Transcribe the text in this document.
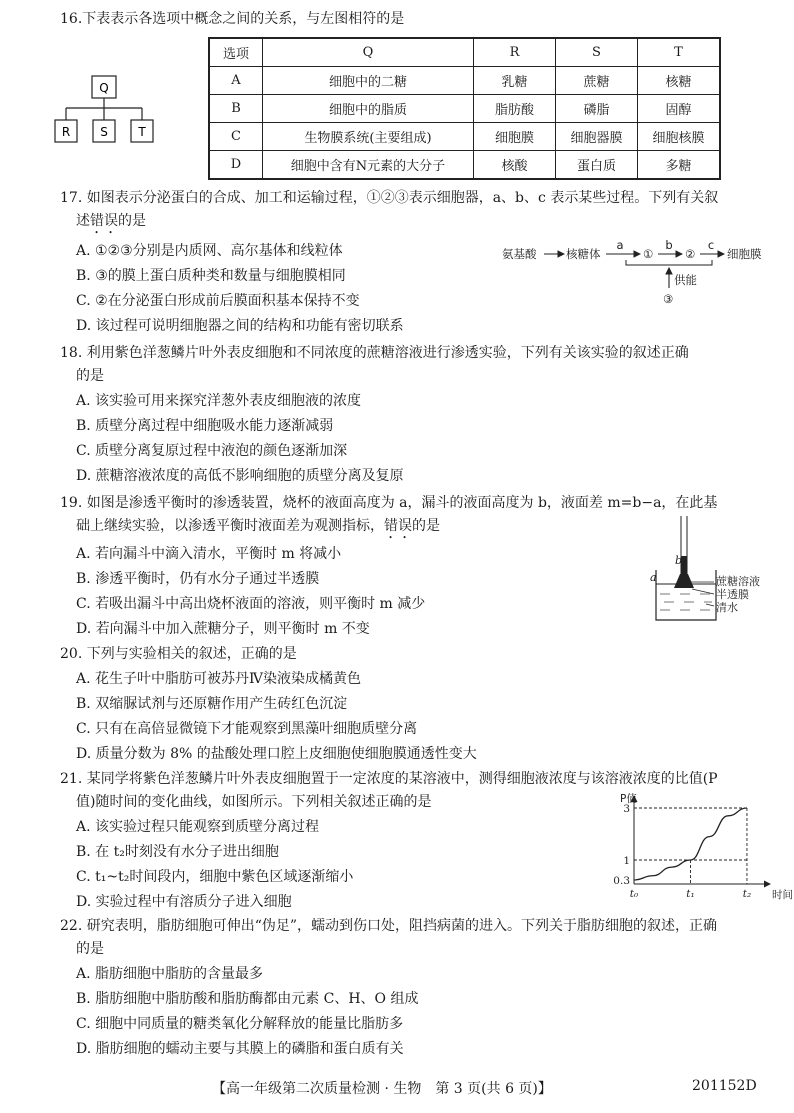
16.下表表示各选项中概念之间的关系，与左图相符的是
Q
R	S	T
选项	Q	R	S	T
A	细胞中的二糖	乳糖	蔗糖	核糖
B	细胞中的脂质	脂肪酸	磷脂	固醇
C	生物膜系统(主要组成)	细胞膜	细胞器膜	细胞核膜
D	细胞中含有N元素的大分子	核酸	蛋白质	多糖
17. 如图表示分泌蛋白的合成、加工和运输过程，①②③表示细胞器，a、b、c 表示某些过程。下列有关叙
述错误的是
A. ①②③分别是内质网、高尔基体和线粒体
B. ③的膜上蛋白质种类和数量与细胞膜相同
C. ②在分泌蛋白形成前后膜面积基本保持不变
D. 该过程可说明细胞器之间的结构和功能有密切联系
氨基酸	核糖体
a
①
b
②
c
细胞膜
供能
③
18. 利用紫色洋葱鳞片叶外表皮细胞和不同浓度的蔗糖溶液进行渗透实验，下列有关该实验的叙述正确
的是
A. 该实验可用来探究洋葱外表皮细胞液的浓度
B. 质壁分离过程中细胞吸水能力逐渐减弱
C. 质壁分离复原过程中液泡的颜色逐渐加深
D. 蔗糖溶液浓度的高低不影响细胞的质壁分离及复原
19. 如图是渗透平衡时的渗透装置，烧杯的液面高度为 a，漏斗的液面高度为 b，液面差 m=b−a，在此基
础上继续实验，以渗透平衡时液面差为观测指标，错误的是
A. 若向漏斗中滴入清水，平衡时 m 将减小
B. 渗透平衡时，仍有水分子通过半透膜
C. 若吸出漏斗中高出烧杯液面的溶液，则平衡时 m 减少
D. 若向漏斗中加入蔗糖分子，则平衡时 m 不变
b
a	蔗糖溶液
半透膜
清水
20. 下列与实验相关的叙述，正确的是
A. 花生子叶中脂肪可被苏丹Ⅳ染液染成橘黄色
B. 双缩脲试剂与还原糖作用产生砖红色沉淀
C. 只有在高倍显微镜下才能观察到黑藻叶细胞质壁分离
D. 质量分数为 8% 的盐酸处理口腔上皮细胞使细胞膜通透性变大
21. 某同学将紫色洋葱鳞片叶外表皮细胞置于一定浓度的某溶液中，测得细胞液浓度与该溶液浓度的比值(P
值)随时间的变化曲线，如图所示。下列相关叙述正确的是
A. 该实验过程只能观察到质壁分离过程
B. 在 t₂时刻没有水分子进出细胞
C. t₁~t₂时间段内，细胞中紫色区域逐渐缩小
D. 实验过程中有溶质分子进入细胞
P值
时间
0.3
1
3
t₀	t₁	t₂
22. 研究表明，脂肪细胞可伸出“伪足”，蠕动到伤口处，阻挡病菌的进入。下列关于脂肪细胞的叙述，正确
的是
A. 脂肪细胞中脂肪的含量最多
B. 脂肪细胞中脂肪酸和脂肪酶都由元素 C、H、O 组成
C. 细胞中同质量的糖类氧化分解释放的能量比脂肪多
D. 脂肪细胞的蠕动主要与其膜上的磷脂和蛋白质有关
【高一年级第二次质量检测 · 生物　第 3 页(共 6 页)】	201152D
